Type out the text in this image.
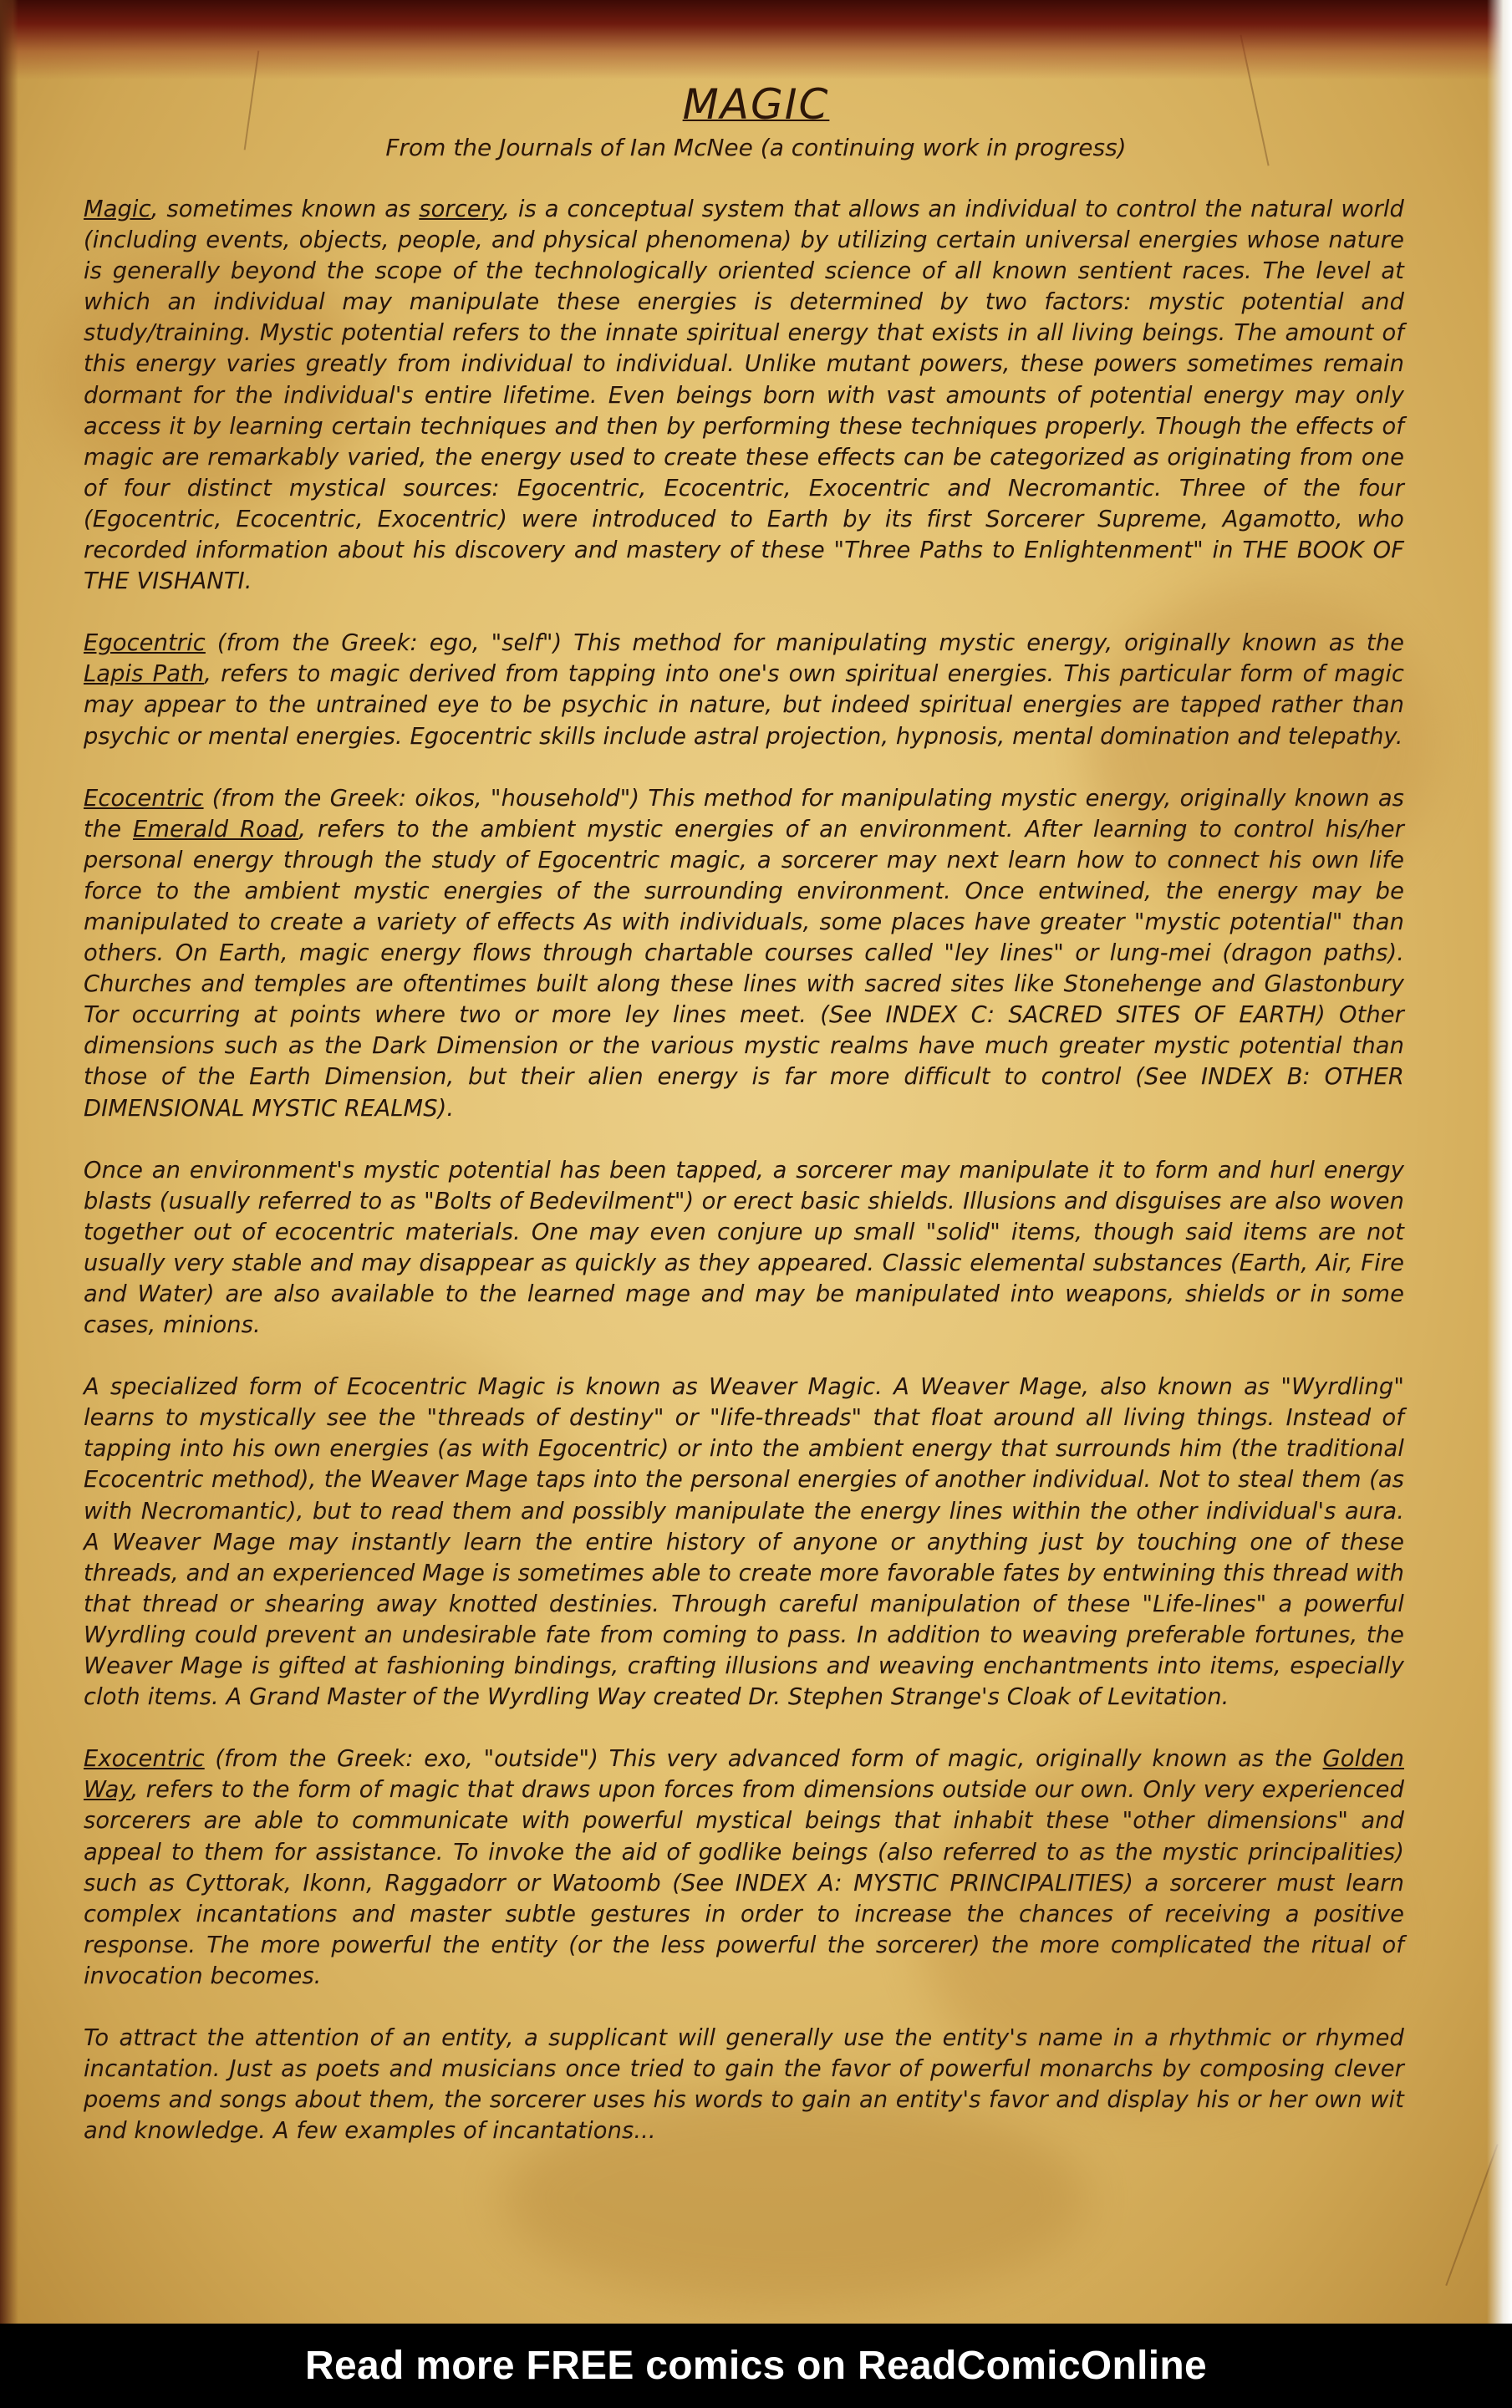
MAGIC
From the Journals of Ian McNee (a continuing work in progress)

Magic, sometimes known as sorcery, is a conceptual system that allows an individual to control the natural world (including events, objects, people, and physical phenomena) by utilizing certain universal energies whose nature is generally beyond the scope of the technologically oriented science of all known sentient races. The level at which an individual may manipulate these energies is determined by two factors: mystic potential and study/training. Mystic potential refers to the innate spiritual energy that exists in all living beings. The amount of this energy varies greatly from individual to individual. Unlike mutant powers, these powers sometimes remain dormant for the individual's entire lifetime. Even beings born with vast amounts of potential energy may only access it by learning certain techniques and then by performing these techniques properly. Though the effects of magic are remarkably varied, the energy used to create these effects can be categorized as originating from one of four distinct mystical sources: Egocentric, Ecocentric, Exocentric and Necromantic. Three of the four (Egocentric, Ecocentric, Exocentric) were introduced to Earth by its first Sorcerer Supreme, Agamotto, who recorded information about his discovery and mastery of these "Three Paths to Enlightenment" in THE BOOK OF THE VISHANTI.

Egocentric (from the Greek: ego, "self") This method for manipulating mystic energy, originally known as the Lapis Path, refers to magic derived from tapping into one's own spiritual energies. This particular form of magic may appear to the untrained eye to be psychic in nature, but indeed spiritual energies are tapped rather than psychic or mental energies. Egocentric skills include astral projection, hypnosis, mental domination and telepathy.

Ecocentric (from the Greek: oikos, "household") This method for manipulating mystic energy, originally known as the Emerald Road, refers to the ambient mystic energies of an environment. After learning to control his/her personal energy through the study of Egocentric magic, a sorcerer may next learn how to connect his own life force to the ambient mystic energies of the surrounding environment. Once entwined, the energy may be manipulated to create a variety of effects As with individuals, some places have greater "mystic potential" than others. On Earth, magic energy flows through chartable courses called "ley lines" or lung-mei (dragon paths). Churches and temples are oftentimes built along these lines with sacred sites like Stonehenge and Glastonbury Tor occurring at points where two or more ley lines meet. (See INDEX C: SACRED SITES OF EARTH) Other dimensions such as the Dark Dimension or the various mystic realms have much greater mystic potential than those of the Earth Dimension, but their alien energy is far more difficult to control (See INDEX B: OTHER DIMENSIONAL MYSTIC REALMS).

Once an environment's mystic potential has been tapped, a sorcerer may manipulate it to form and hurl energy blasts (usually referred to as "Bolts of Bedevilment") or erect basic shields. Illusions and disguises are also woven together out of ecocentric materials. One may even conjure up small "solid" items, though said items are not usually very stable and may disappear as quickly as they appeared. Classic elemental substances (Earth, Air, Fire and Water) are also available to the learned mage and may be manipulated into weapons, shields or in some cases, minions.

A specialized form of Ecocentric Magic is known as Weaver Magic. A Weaver Mage, also known as "Wyrdling" learns to mystically see the "threads of destiny" or "life-threads" that float around all living things. Instead of tapping into his own energies (as with Egocentric) or into the ambient energy that surrounds him (the traditional Ecocentric method), the Weaver Mage taps into the personal energies of another individual. Not to steal them (as with Necromantic), but to read them and possibly manipulate the energy lines within the other individual's aura. A Weaver Mage may instantly learn the entire history of anyone or anything just by touching one of these threads, and an experienced Mage is sometimes able to create more favorable fates by entwining this thread with that thread or shearing away knotted destinies. Through careful manipulation of these "Life-lines" a powerful Wyrdling could prevent an undesirable fate from coming to pass. In addition to weaving preferable fortunes, the Weaver Mage is gifted at fashioning bindings, crafting illusions and weaving enchantments into items, especially cloth items. A Grand Master of the Wyrdling Way created Dr. Stephen Strange's Cloak of Levitation.

Exocentric (from the Greek: exo, "outside") This very advanced form of magic, originally known as the Golden Way, refers to the form of magic that draws upon forces from dimensions outside our own. Only very experienced sorcerers are able to communicate with powerful mystical beings that inhabit these "other dimensions" and appeal to them for assistance. To invoke the aid of godlike beings (also referred to as the mystic principalities) such as Cyttorak, Ikonn, Raggadorr or Watoomb (See INDEX A: MYSTIC PRINCIPALITIES) a sorcerer must learn complex incantations and master subtle gestures in order to increase the chances of receiving a positive response. The more powerful the entity (or the less powerful the sorcerer) the more complicated the ritual of invocation becomes.

To attract the attention of an entity, a supplicant will generally use the entity's name in a rhythmic or rhymed incantation. Just as poets and musicians once tried to gain the favor of powerful monarchs by composing clever poems and songs about them, the sorcerer uses his words to gain an entity's favor and display his or her own wit and knowledge. A few examples of incantations...

Read more FREE comics on ReadComicOnline
